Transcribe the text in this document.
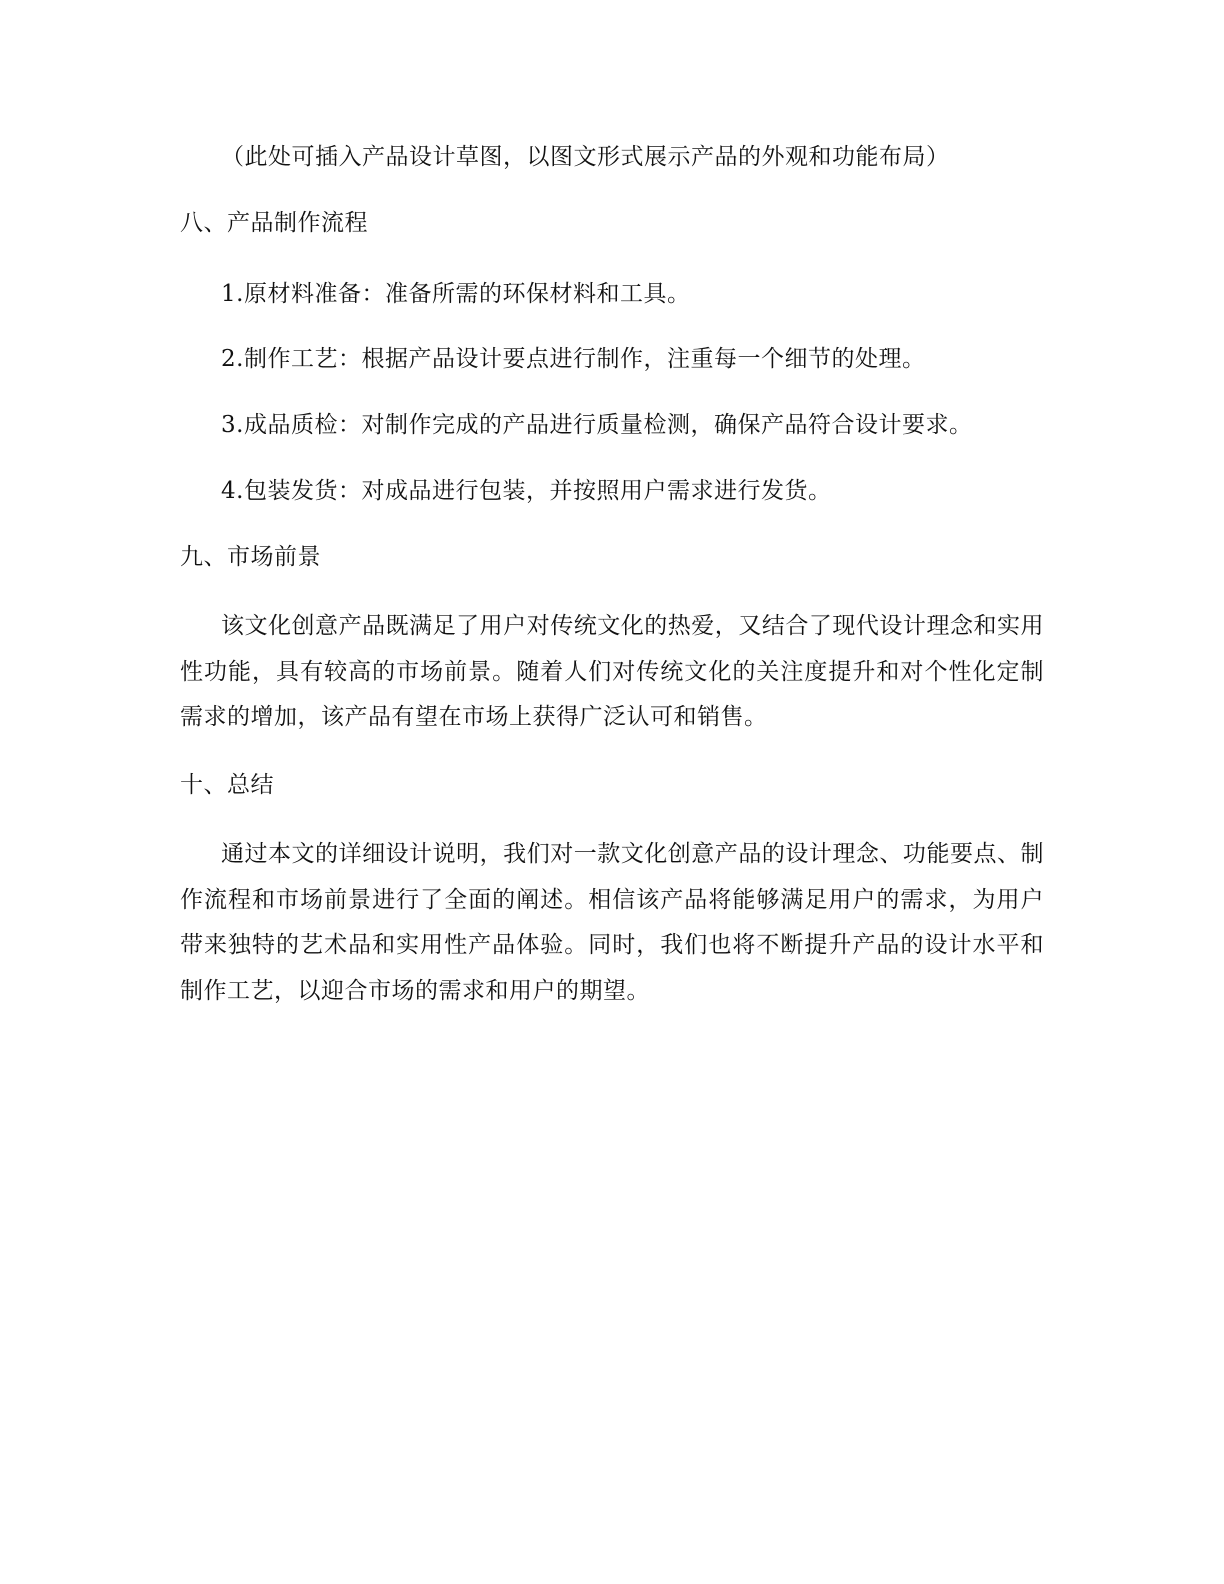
（此处可插入产品设计草图，以图文形式展示产品的外观和功能布局）
八、产品制作流程
1.原材料准备：准备所需的环保材料和工具。
2.制作工艺：根据产品设计要点进行制作，注重每一个细节的处理。
3.成品质检：对制作完成的产品进行质量检测，确保产品符合设计要求。
4.包装发货：对成品进行包装，并按照用户需求进行发货。
九、市场前景
该文化创意产品既满足了用户对传统文化的热爱，又结合了现代设计理念和实用性功能，具有较高的市场前景。随着人们对传统文化的关注度提升和对个性化定制需求的增加，该产品有望在市场上获得广泛认可和销售。
十、总结
通过本文的详细设计说明，我们对一款文化创意产品的设计理念、功能要点、制作流程和市场前景进行了全面的阐述。相信该产品将能够满足用户的需求，为用户带来独特的艺术品和实用性产品体验。同时，我们也将不断提升产品的设计水平和制作工艺，以迎合市场的需求和用户的期望。
